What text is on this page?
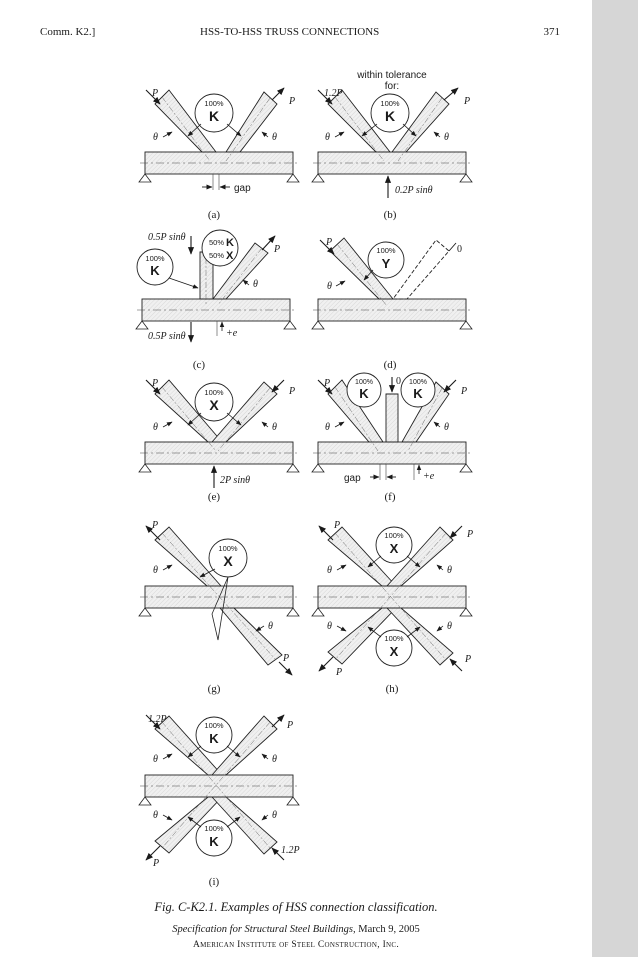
Comm. K2.]	HSS-TO-HSS TRUSS CONNECTIONS	371
P
P
θ	θ
100%
K
gap
(a)
within tolerance
for:
1.2P
P
θ	θ
100%
K
0.2P sinθ
(b)
0.5P sinθ
0.5P sinθ
P
θ
100%
K
50% K
50% X
+e
(c)
P
0
θ
100%
Y
(d)
P
P
θ	θ
100%
X
2P sinθ
(e)
P	0
P
θ	θ
100%
K
100%
K
gap	+e
(f)
P
P
θ
θ
100%
X
(g)
P
P
P
P
θ	θ
θ	θ
100%
X
100%
X
(h)
1.2P
P
P
1.2P
θ	θ
θ	θ
100%
K
100%
K
(i)
Fig. C-K2.1. Examples of HSS connection classification.
Specification for Structural Steel Buildings, March 9, 2005
American Institute of Steel Construction, Inc.
